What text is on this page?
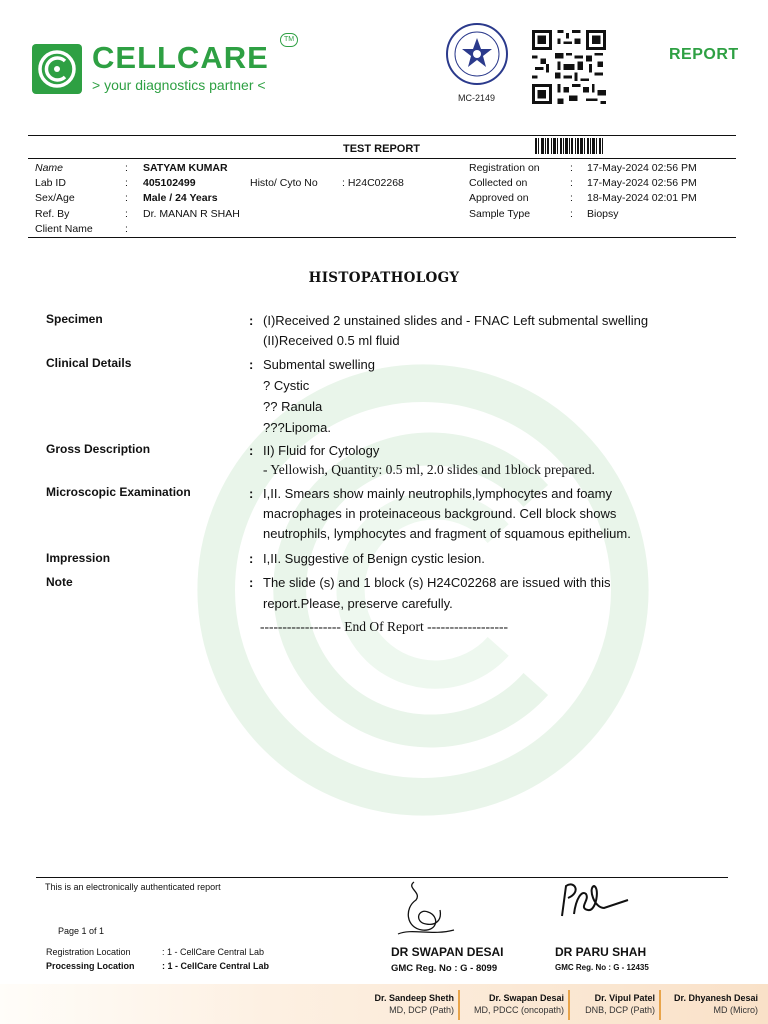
CELLCARE
TM
> your diagnostics partner <
MC-2149
REPORT
TEST REPORT
Name	: SATYAM KUMAR
Lab ID	: 405102499	Histo/ Cyto No : H24C02268
Sex/Age	: Male / 24 Years
Ref. By	: Dr. MANAN R SHAH
Client Name	:
Registration on	: 17-May-2024 02:56 PM
Collected on	: 17-May-2024 02:56 PM
Approved on	: 18-May-2024 02:01 PM
Sample Type	: Biopsy
HISTOPATHOLOGY
Specimen	: (I)Received 2 unstained slides and - FNAC Left submental swelling
(II)Received 0.5 ml fluid
Clinical Details	: Submental swelling
? Cystic
?? Ranula
???Lipoma.
Gross Description	: II) Fluid for Cytology
- Yellowish, Quantity: 0.5 ml, 2.0 slides and 1block prepared.
Microscopic Examination	: I,II. Smears show mainly neutrophils,lymphocytes and foamy
macrophages in proteinaceous background. Cell block shows
neutrophils, lymphocytes and fragment of squamous epithelium.
Impression	: I,II. Suggestive of Benign cystic lesion.
Note	: The slide (s) and 1 block (s) H24C02268 are issued with this
report.Please, preserve carefully.
------------------ End Of Report ------------------
This is an electronically authenticated report
Page 1 of 1
Registration Location	: 1 - CellCare Central Lab
Processing Location	: 1 - CellCare Central Lab
DR SWAPAN DESAI
GMC Reg. No : G - 8099
DR PARU SHAH
GMC Reg. No : G - 12435
Dr. Sandeep Sheth
MD, DCP (Path)
Dr. Swapan Desai
MD, PDCC (oncopath)
Dr. Vipul Patel
DNB, DCP (Path)
Dr. Dhyanesh Desai
MD (Micro)
